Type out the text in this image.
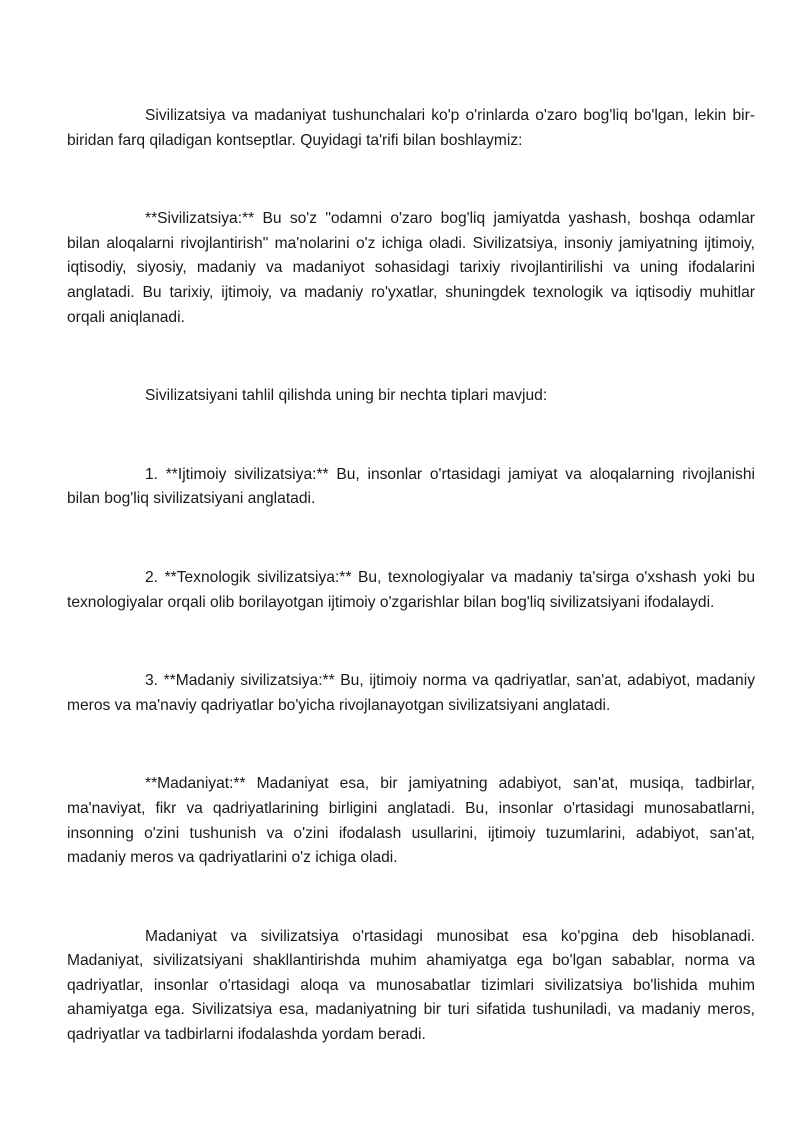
Sivilizatsiya va madaniyat tushunchalari ko'p o'rinlarda o'zaro bog'liq bo'lgan, lekin bir-biridan farq qiladigan kontseptlar. Quyidagi ta'rifi bilan boshlaymiz:

**Sivilizatsiya:** Bu so'z "odamni o'zaro bog'liq jamiyatda yashash, boshqa odamlar bilan aloqalarni rivojlantirish" ma'nolarini o'z ichiga oladi. Sivilizatsiya, insoniy jamiyatning ijtimoiy, iqtisodiy, siyosiy, madaniy va madaniyot sohasidagi tarixiy rivojlantirilishi va uning ifodalarini anglatadi. Bu tarixiy, ijtimoiy, va madaniy ro'yxatlar, shuningdek texnologik va iqtisodiy muhitlar orqali aniqlanadi.

Sivilizatsiyani tahlil qilishda uning bir nechta tiplari mavjud:

1. **Ijtimoiy sivilizatsiya:** Bu, insonlar o'rtasidagi jamiyat va aloqalarning rivojlanishi bilan bog'liq sivilizatsiyani anglatadi.

2. **Texnologik sivilizatsiya:** Bu, texnologiyalar va madaniy ta'sirga o'xshash yoki bu texnologiyalar orqali olib borilayotgan ijtimoiy o'zgarishlar bilan bog'liq sivilizatsiyani ifodalaydi.

3. **Madaniy sivilizatsiya:** Bu, ijtimoiy norma va qadriyatlar, san'at, adabiyot, madaniy meros va ma'naviy qadriyatlar bo'yicha rivojlanayotgan sivilizatsiyani anglatadi.

**Madaniyat:** Madaniyat esa, bir jamiyatning adabiyot, san'at, musiqa, tadbirlar, ma'naviyat, fikr va qadriyatlarining birligini anglatadi. Bu, insonlar o'rtasidagi munosabatlarni, insonning o'zini tushunish va o'zini ifodalash usullarini, ijtimoiy tuzumlarini, adabiyot, san'at, madaniy meros va qadriyatlarini o'z ichiga oladi.

Madaniyat va sivilizatsiya o'rtasidagi munosibat esa ko'pgina deb hisoblanadi. Madaniyat, sivilizatsiyani shakllantirishda muhim ahamiyatga ega bo'lgan sabablar, norma va qadriyatlar, insonlar o'rtasidagi aloqa va munosabatlar tizimlari sivilizatsiya bo'lishida muhim ahamiyatga ega. Sivilizatsiya esa, madaniyatning bir turi sifatida tushuniladi, va madaniy meros, qadriyatlar va tadbirlarni ifodalashda yordam beradi.
